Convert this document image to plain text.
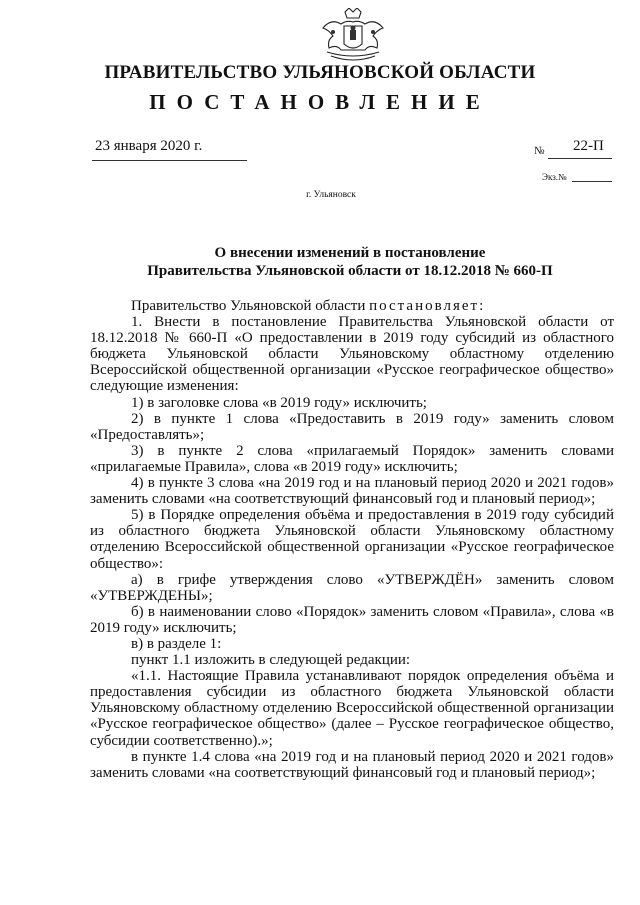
ПРАВИТЕЛЬСТВО УЛЬЯНОВСКОЙ ОБЛАСТИ
ПОСТАНОВЛЕНИЕ
23 января 2020 г.	№ 22-П
Экз.№
г. Ульяновск
О внесении изменений в постановление
Правительства Ульяновской области от 18.12.2018 № 660-П

Правительство Ульяновской области постановляет:

1. Внести в постановление Правительства Ульяновской области от 18.12.2018 № 660-П «О предоставлении в 2019 году субсидий из областного бюджета Ульяновской области Ульяновскому областному отделению Всероссийской общественной организации «Русское географическое общество» следующие изменения:

1) в заголовке слова «в 2019 году» исключить;

2) в пункте 1 слова «Предоставить в 2019 году» заменить словом «Предоставлять»;

3) в пункте 2 слова «прилагаемый Порядок» заменить словами «прилагаемые Правила», слова «в 2019 году» исключить;

4) в пункте 3 слова «на 2019 год и на плановый период 2020 и 2021 годов» заменить словами «на соответствующий финансовый год и плановый период»;

5) в Порядке определения объёма и предоставления в 2019 году субсидий из областного бюджета Ульяновской области Ульяновскому областному отделению Всероссийской общественной организации «Русское географическое общество»:

а) в грифе утверждения слово «УТВЕРЖДЁН» заменить словом «УТВЕРЖДЕНЫ»;

б) в наименовании слово «Порядок» заменить словом «Правила», слова «в 2019 году» исключить;

в) в разделе 1:

пункт 1.1 изложить в следующей редакции:

«1.1. Настоящие Правила устанавливают порядок определения объёма и предоставления субсидии из областного бюджета Ульяновской области Ульяновскому областному отделению Всероссийской общественной организации «Русское географическое общество» (далее – Русское географическое общество, субсидии соответственно).»;

в пункте 1.4 слова «на 2019 год и на плановый период 2020 и 2021 годов» заменить словами «на соответствующий финансовый год и плановый период»;
